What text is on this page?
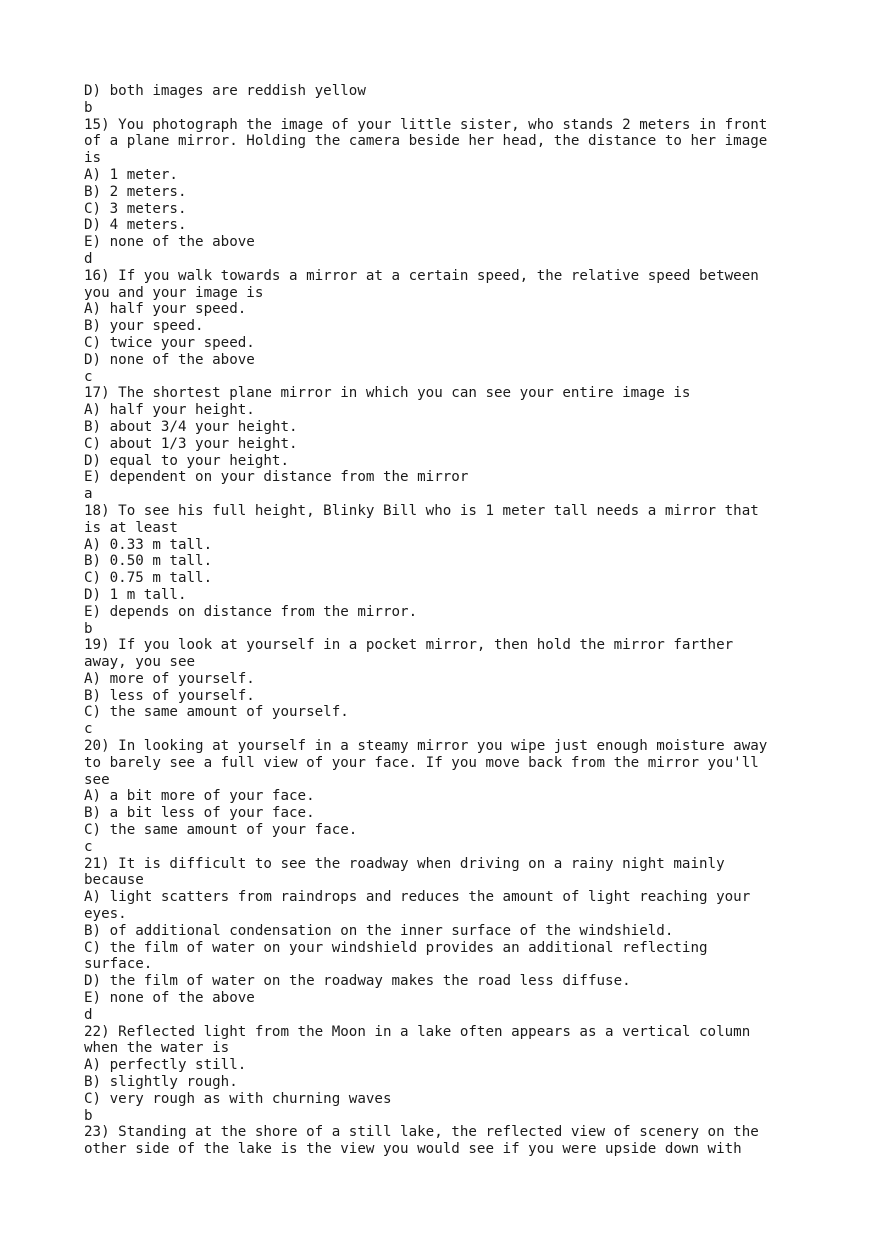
D) both images are reddish yellow
b
15) You photograph the image of your little sister, who stands 2 meters in front
of a plane mirror. Holding the camera beside her head, the distance to her image
is
A) 1 meter.
B) 2 meters.
C) 3 meters.
D) 4 meters.
E) none of the above
d
16) If you walk towards a mirror at a certain speed, the relative speed between
you and your image is
A) half your speed.
B) your speed.
C) twice your speed.
D) none of the above
c
17) The shortest plane mirror in which you can see your entire image is
A) half your height.
B) about 3/4 your height.
C) about 1/3 your height.
D) equal to your height.
E) dependent on your distance from the mirror
a
18) To see his full height, Blinky Bill who is 1 meter tall needs a mirror that
is at least
A) 0.33 m tall.
B) 0.50 m tall.
C) 0.75 m tall.
D) 1 m tall.
E) depends on distance from the mirror.
b
19) If you look at yourself in a pocket mirror, then hold the mirror farther
away, you see
A) more of yourself.
B) less of yourself.
C) the same amount of yourself.
c
20) In looking at yourself in a steamy mirror you wipe just enough moisture away
to barely see a full view of your face. If you move back from the mirror you'll
see
A) a bit more of your face.
B) a bit less of your face.
C) the same amount of your face.
c
21) It is difficult to see the roadway when driving on a rainy night mainly
because
A) light scatters from raindrops and reduces the amount of light reaching your
eyes.
B) of additional condensation on the inner surface of the windshield.
C) the film of water on your windshield provides an additional reflecting
surface.
D) the film of water on the roadway makes the road less diffuse.
E) none of the above
d
22) Reflected light from the Moon in a lake often appears as a vertical column
when the water is
A) perfectly still.
B) slightly rough.
C) very rough as with churning waves
b
23) Standing at the shore of a still lake, the reflected view of scenery on the
other side of the lake is the view you would see if you were upside down with
